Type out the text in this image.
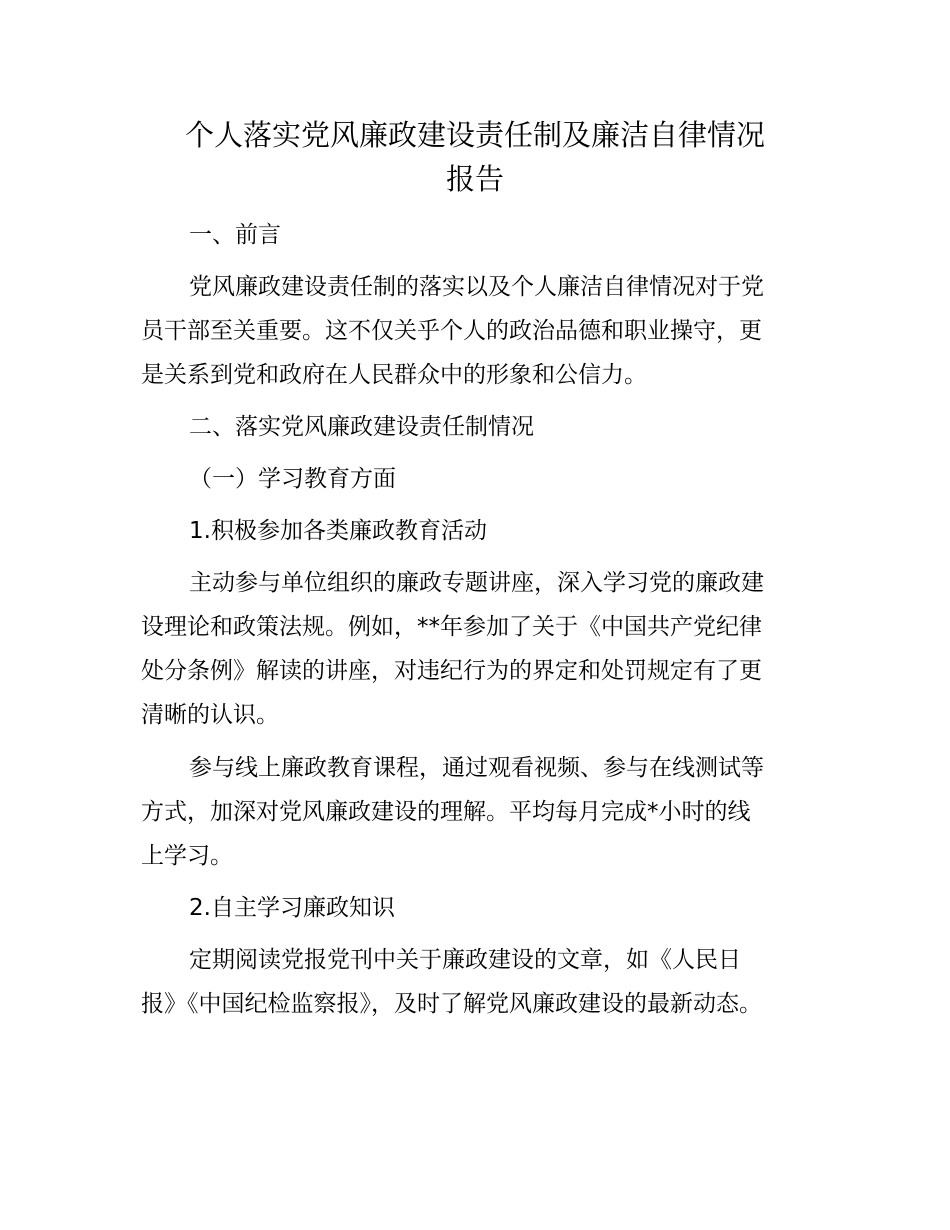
个人落实党风廉政建设责任制及廉洁自律情况
报告

一、前言

党风廉政建设责任制的落实以及个人廉洁自律情况对于党

员干部至关重要。这不仅关乎个人的政治品德和职业操守，更

是关系到党和政府在人民群众中的形象和公信力。

二、落实党风廉政建设责任制情况

（一）学习教育方面

1.积极参加各类廉政教育活动

主动参与单位组织的廉政专题讲座，深入学习党的廉政建

设理论和政策法规。例如，**年参加了关于《中国共产党纪律

处分条例》解读的讲座，对违纪行为的界定和处罚规定有了更

清晰的认识。

参与线上廉政教育课程，通过观看视频、参与在线测试等

方式，加深对党风廉政建设的理解。平均每月完成*小时的线

上学习。

2.自主学习廉政知识

定期阅读党报党刊中关于廉政建设的文章，如《人民日

报》《中国纪检监察报》，及时了解党风廉政建设的最新动态。
